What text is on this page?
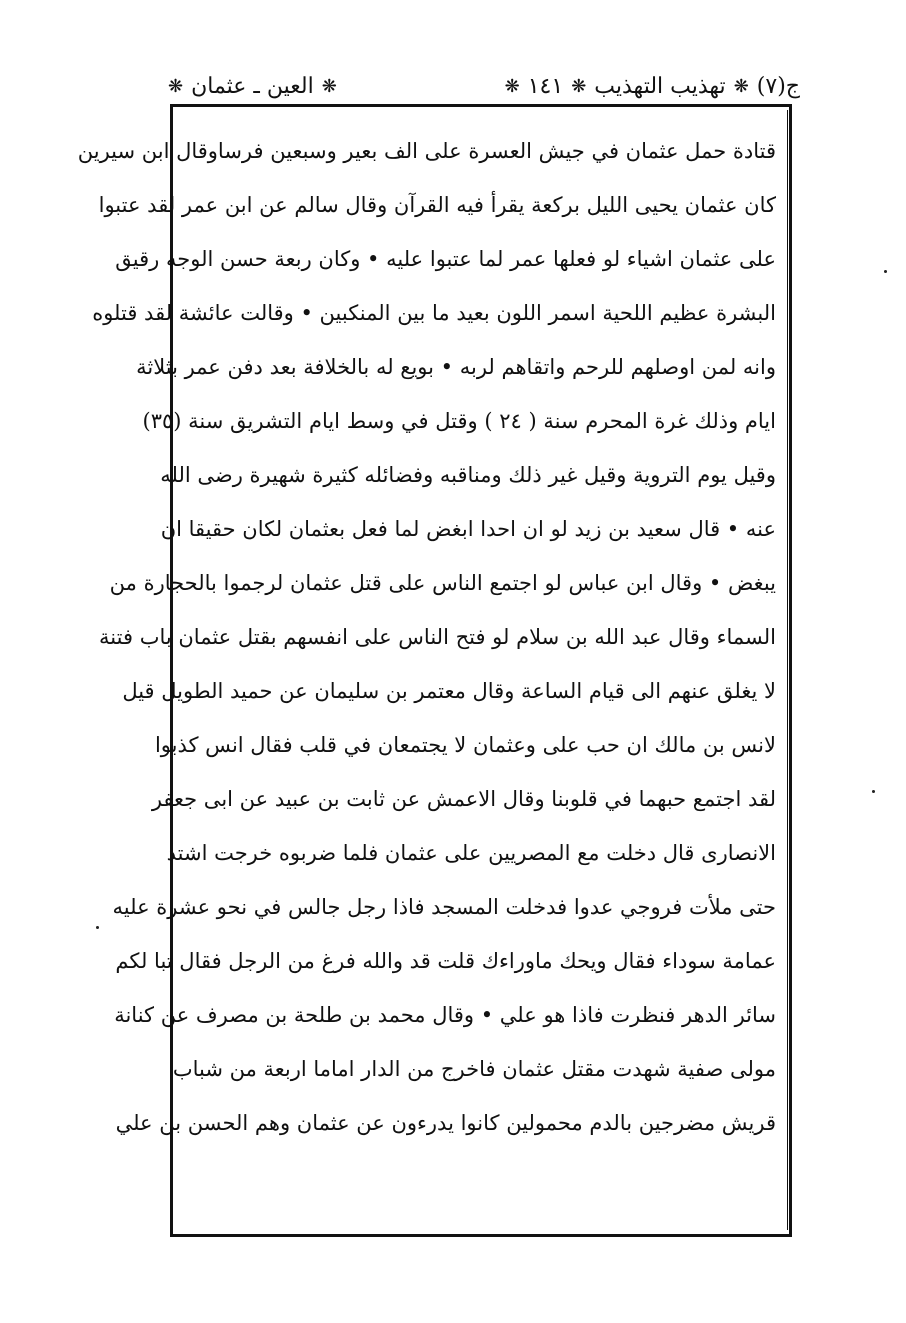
ج(٧)
❋
تهذيب التهذيب
❋
١٤١
❋
❋
العين ـ عثمان
❋
قتادة حمل عثمان في جيش العسرة على الف بعير وسبعين فرساوقال ابن سيرين
كان عثمان يحيى الليل بركعة يقرأ فيه القرآن وقال سالم عن ابن عمر لقد عتبوا
على عثمان اشياء لو فعلها عمر لما عتبوا عليه • وكان ربعة حسن الوجه رقيق
البشرة عظيم اللحية اسمر اللون بعيد ما بين المنكبين • وقالت عائشة لقد قتلوه
وانه لمن اوصلهم للرحم واتقاهم لربه • بويع له بالخلافة بعد دفن عمر بثلاثة
ايام وذلك غرة المحرم سنة ( ٢٤ ) وقتل في وسط ايام التشريق سنة (٣٥)
وقيل يوم التروية وقيل غير ذلك ومناقبه وفضائله كثيرة شهيرة رضى الله
عنه • قال سعيد بن زيد لو ان احدا ابغض لما فعل بعثمان لكان حقيقا ان
يبغض • وقال ابن عباس لو اجتمع الناس على قتل عثمان لرجموا بالحجارة من
السماء وقال عبد الله بن سلام لو فتح الناس على انفسهم بقتل عثمان باب فتنة
لا يغلق عنهم الى قيام الساعة وقال معتمر بن سليمان عن حميد الطويل قيل
لانس بن مالك ان حب على وعثمان لا يجتمعان في قلب فقال انس كذبوا
لقد اجتمع حبهما في قلوبنا وقال الاعمش عن ثابت بن عبيد عن ابى جعفر
الانصارى قال دخلت مع المصريين على عثمان فلما ضربوه خرجت اشتد
حتى ملأت فروجي عدوا فدخلت المسجد فاذا رجل جالس في نحو عشرة عليه
عمامة سوداء فقال ويحك ماوراءك قلت قد والله فرغ من الرجل فقال تبا لكم
سائر الدهر فنظرت فاذا هو علي • وقال محمد بن طلحة بن مصرف عن كنانة
مولى صفية شهدت مقتل عثمان فاخرج من الدار اماما اربعة من شباب
قريش مضرجين بالدم محمولين كانوا يدرءون عن عثمان وهم الحسن بن علي
